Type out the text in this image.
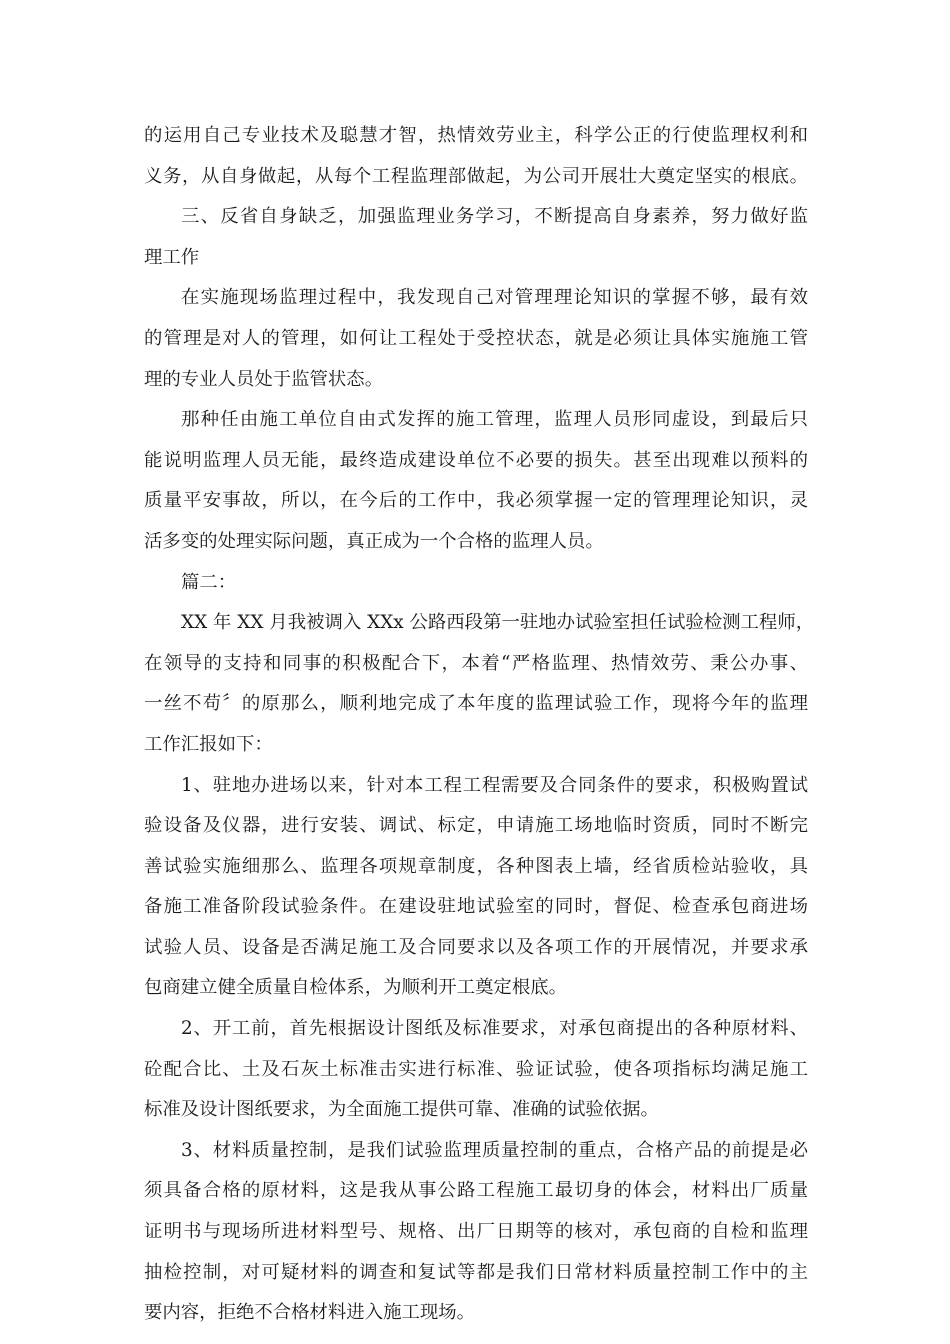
的运用自己专业技术及聪慧才智，热情效劳业主，科学公正的行使监理权利和
义务，从自身做起，从每个工程监理部做起，为公司开展壮大奠定坚实的根底。
三、反省自身缺乏，加强监理业务学习，不断提高自身素养，努力做好监
理工作
在实施现场监理过程中，我发现自己对管理理论知识的掌握不够，最有效
的管理是对人的管理，如何让工程处于受控状态，就是必须让具体实施施工管
理的专业人员处于监管状态。
那种任由施工单位自由式发挥的施工管理，监理人员形同虚设，到最后只
能说明监理人员无能，最终造成建设单位不必要的损失。甚至出现难以预料的
质量平安事故，所以，在今后的工作中，我必须掌握一定的管理理论知识，灵
活多变的处理实际问题，真正成为一个合格的监理人员。
篇二：
XX 年 XX 月我被调入 XXx 公路西段第一驻地办试验室担任试验检测工程师，
在领导的支持和同事的积极配合下，本着“严格监理、热情效劳、秉公办事、
一丝不苟〞的原那么，顺利地完成了本年度的监理试验工作，现将今年的监理
工作汇报如下：
1、驻地办进场以来，针对本工程工程需要及合同条件的要求，积极购置试
验设备及仪器，进行安装、调试、标定，申请施工场地临时资质，同时不断完
善试验实施细那么、监理各项规章制度，各种图表上墙，经省质检站验收，具
备施工准备阶段试验条件。在建设驻地试验室的同时，督促、检查承包商进场
试验人员、设备是否满足施工及合同要求以及各项工作的开展情况，并要求承
包商建立健全质量自检体系，为顺利开工奠定根底。
2、开工前，首先根据设计图纸及标准要求，对承包商提出的各种原材料、
砼配合比、土及石灰土标准击实进行标准、验证试验，使各项指标均满足施工
标准及设计图纸要求，为全面施工提供可靠、准确的试验依据。
3、材料质量控制，是我们试验监理质量控制的重点，合格产品的前提是必
须具备合格的原材料，这是我从事公路工程施工最切身的体会，材料出厂质量
证明书与现场所进材料型号、规格、出厂日期等的核对，承包商的自检和监理
抽检控制，对可疑材料的调查和复试等都是我们日常材料质量控制工作中的主
要内容，拒绝不合格材料进入施工现场。
